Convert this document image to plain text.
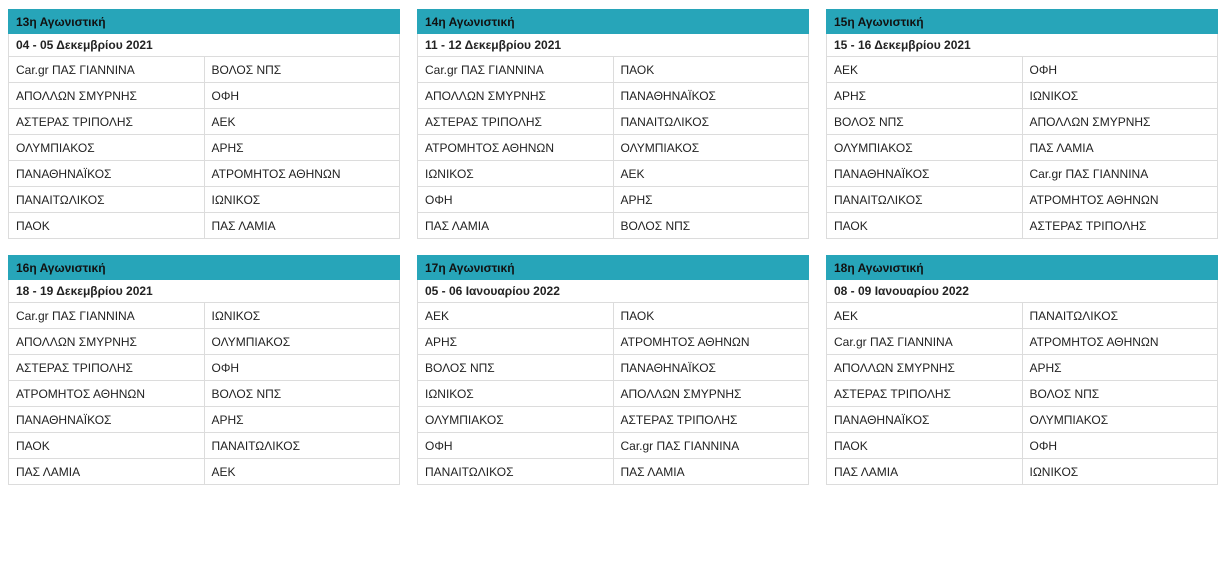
13η Αγωνιστική	
04 - 05 Δεκεμβρίου 2021	
Car.gr ΠΑΣ ΓΙΑΝΝΙΝΑ	ΒΟΛΟΣ ΝΠΣ
ΑΠΟΛΛΩΝ ΣΜΥΡΝΗΣ	ΟΦΗ
ΑΣΤΕΡΑΣ ΤΡΙΠΟΛΗΣ	ΑΕΚ
ΟΛΥΜΠΙΑΚΟΣ	ΑΡΗΣ
ΠΑΝΑΘΗΝΑΪΚΟΣ	ΑΤΡΟΜΗΤΟΣ ΑΘΗΝΩΝ
ΠΑΝΑΙΤΩΛΙΚΟΣ	ΙΩΝΙΚΟΣ
ΠΑΟΚ	ΠΑΣ ΛΑΜΙΑ
14η Αγωνιστική	
11 - 12 Δεκεμβρίου 2021	
Car.gr ΠΑΣ ΓΙΑΝΝΙΝΑ	ΠΑΟΚ
ΑΠΟΛΛΩΝ ΣΜΥΡΝΗΣ	ΠΑΝΑΘΗΝΑΪΚΟΣ
ΑΣΤΕΡΑΣ ΤΡΙΠΟΛΗΣ	ΠΑΝΑΙΤΩΛΙΚΟΣ
ΑΤΡΟΜΗΤΟΣ ΑΘΗΝΩΝ	ΟΛΥΜΠΙΑΚΟΣ
ΙΩΝΙΚΟΣ	ΑΕΚ
ΟΦΗ	ΑΡΗΣ
ΠΑΣ ΛΑΜΙΑ	ΒΟΛΟΣ ΝΠΣ
15η Αγωνιστική	
15 - 16 Δεκεμβρίου 2021	
ΑΕΚ	ΟΦΗ
ΑΡΗΣ	ΙΩΝΙΚΟΣ
ΒΟΛΟΣ ΝΠΣ	ΑΠΟΛΛΩΝ ΣΜΥΡΝΗΣ
ΟΛΥΜΠΙΑΚΟΣ	ΠΑΣ ΛΑΜΙΑ
ΠΑΝΑΘΗΝΑΪΚΟΣ	Car.gr ΠΑΣ ΓΙΑΝΝΙΝΑ
ΠΑΝΑΙΤΩΛΙΚΟΣ	ΑΤΡΟΜΗΤΟΣ ΑΘΗΝΩΝ
ΠΑΟΚ	ΑΣΤΕΡΑΣ ΤΡΙΠΟΛΗΣ
16η Αγωνιστική	
18 - 19 Δεκεμβρίου 2021	
Car.gr ΠΑΣ ΓΙΑΝΝΙΝΑ	ΙΩΝΙΚΟΣ
ΑΠΟΛΛΩΝ ΣΜΥΡΝΗΣ	ΟΛΥΜΠΙΑΚΟΣ
ΑΣΤΕΡΑΣ ΤΡΙΠΟΛΗΣ	ΟΦΗ
ΑΤΡΟΜΗΤΟΣ ΑΘΗΝΩΝ	ΒΟΛΟΣ ΝΠΣ
ΠΑΝΑΘΗΝΑΪΚΟΣ	ΑΡΗΣ
ΠΑΟΚ	ΠΑΝΑΙΤΩΛΙΚΟΣ
ΠΑΣ ΛΑΜΙΑ	ΑΕΚ
17η Αγωνιστική	
05 - 06 Ιανουαρίου 2022	
ΑΕΚ	ΠΑΟΚ
ΑΡΗΣ	ΑΤΡΟΜΗΤΟΣ ΑΘΗΝΩΝ
ΒΟΛΟΣ ΝΠΣ	ΠΑΝΑΘΗΝΑΪΚΟΣ
ΙΩΝΙΚΟΣ	ΑΠΟΛΛΩΝ ΣΜΥΡΝΗΣ
ΟΛΥΜΠΙΑΚΟΣ	ΑΣΤΕΡΑΣ ΤΡΙΠΟΛΗΣ
ΟΦΗ	Car.gr ΠΑΣ ΓΙΑΝΝΙΝΑ
ΠΑΝΑΙΤΩΛΙΚΟΣ	ΠΑΣ ΛΑΜΙΑ
18η Αγωνιστική	
08 - 09 Ιανουαρίου 2022	
ΑΕΚ	ΠΑΝΑΙΤΩΛΙΚΟΣ
Car.gr ΠΑΣ ΓΙΑΝΝΙΝΑ	ΑΤΡΟΜΗΤΟΣ ΑΘΗΝΩΝ
ΑΠΟΛΛΩΝ ΣΜΥΡΝΗΣ	ΑΡΗΣ
ΑΣΤΕΡΑΣ ΤΡΙΠΟΛΗΣ	ΒΟΛΟΣ ΝΠΣ
ΠΑΝΑΘΗΝΑΪΚΟΣ	ΟΛΥΜΠΙΑΚΟΣ
ΠΑΟΚ	ΟΦΗ
ΠΑΣ ΛΑΜΙΑ	ΙΩΝΙΚΟΣ
